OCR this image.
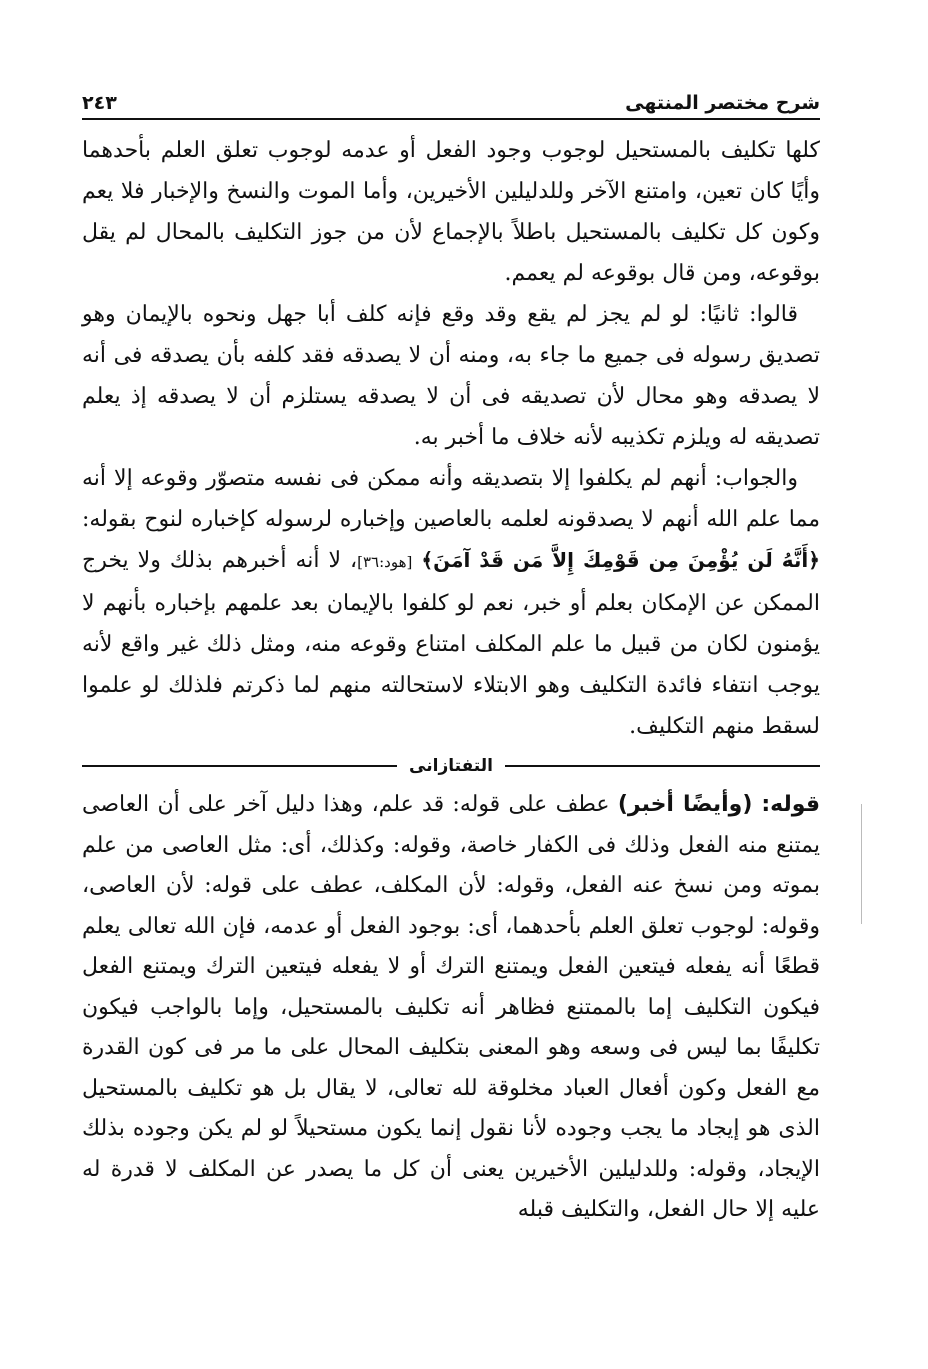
شرح مختصر المنتهى
٢٤٣

كلها تكليف بالمستحيل لوجوب وجود الفعل أو عدمه لوجوب تعلق العلم بأحدهما وأيًا كان تعين، وامتنع الآخر وللدليلين الأخيرين، وأما الموت والنسخ والإخبار فلا يعم وكون كل تكليف بالمستحيل باطلاً بالإجماع لأن من جوز التكليف بالمحال لم يقل بوقوعه، ومن قال بوقوعه لم يعمم.

قالوا: ثانيًا: لو لم يجز لم يقع وقد وقع فإنه كلف أبا جهل ونحوه بالإيمان وهو تصديق رسوله فى جميع ما جاء به، ومنه أن لا يصدقه فقد كلفه بأن يصدقه فى أنه لا يصدقه وهو محال لأن تصديقه فى أن لا يصدقه يستلزم أن لا يصدقه إذ يعلم تصديقه له ويلزم تكذيبه لأنه خلاف ما أخبر به.

والجواب: أنهم لم يكلفوا إلا بتصديقه وأنه ممكن فى نفسه متصوّر وقوعه إلا أنه مما علم الله أنهم لا يصدقونه لعلمه بالعاصين وإخباره لرسوله كإخباره لنوح بقوله: ﴿أَنَّهُ لَن يُؤْمِنَ مِن قَوْمِكَ إِلاَّ مَن قَدْ آمَنَ﴾ [هود:٣٦]، لا أنه أخبرهم بذلك ولا يخرج الممكن عن الإمكان بعلم أو خبر، نعم لو كلفوا بالإيمان بعد علمهم بإخباره بأنهم لا يؤمنون لكان من قبيل ما علم المكلف امتناع وقوعه منه، ومثل ذلك غير واقع لأنه يوجب انتفاء فائدة التكليف وهو الابتلاء لاستحالته منهم لما ذكرتم فلذلك لو علموا لسقط منهم التكليف.

التفتازانى

قوله: (وأيضًا أخبر) عطف على قوله: قد علم، وهذا دليل آخر على أن العاصى يمتنع منه الفعل وذلك فى الكفار خاصة، وقوله: وكذلك، أى: مثل العاصى من علم بموته ومن نسخ عنه الفعل، وقوله: لأن المكلف، عطف على قوله: لأن العاصى، وقوله: لوجوب تعلق العلم بأحدهما، أى: بوجود الفعل أو عدمه، فإن الله تعالى يعلم قطعًا أنه يفعله فيتعين الفعل ويمتنع الترك أو لا يفعله فيتعين الترك ويمتنع الفعل فيكون التكليف إما بالممتنع فظاهر أنه تكليف بالمستحيل، وإما بالواجب فيكون تكليفًا بما ليس فى وسعه وهو المعنى بتكليف المحال على ما مر فى كون القدرة مع الفعل وكون أفعال العباد مخلوقة لله تعالى، لا يقال بل هو تكليف بالمستحيل الذى هو إيجاد ما يجب وجوده لأنا نقول إنما يكون مستحيلاً لو لم يكن وجوده بذلك الإيجاد، وقوله: وللدليلين الأخيرين يعنى أن كل ما يصدر عن المكلف لا قدرة له عليه إلا حال الفعل، والتكليف قبله
